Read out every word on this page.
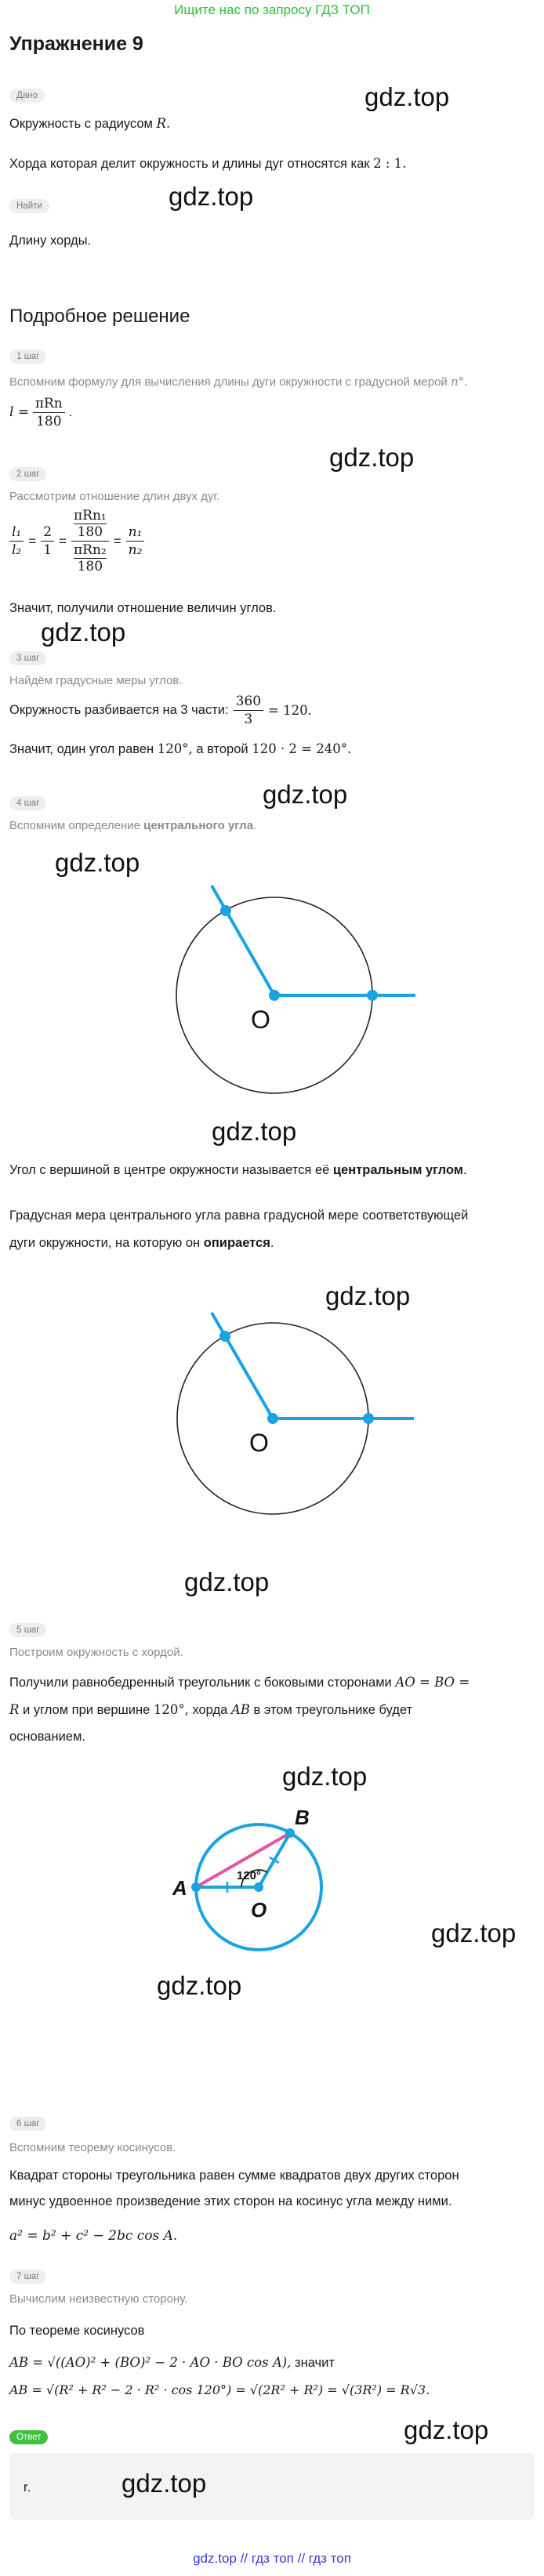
Ищите нас по запросу ГДЗ ТОП
Упражнение 9
Дано	gdz.top
Окружность с радиусом R.
Хорда которая делит окружность и длины дуг относятся как 2 : 1.
Найти	gdz.top
Длину хорды.
Подробное решение
1 шаг
Вспомним формулу для вычисления длины дуги окружности с градусной мерой n°.
$l = \frac{\text{πRn}}{180}$ .
gdz.top
2 шаг
Рассмотрим отношение длин двух дуг.
$\frac{\text{l₁}}{\text{l₂}} = \frac{2}{1} = \pi Rn_1$
180
πRn₂
$180 = \frac{\text{n₁}}{\text{n₂}}$
Значит, получили отношение величин углов.
gdz.top
3 шаг
Найдём градусные меры углов.
Окружность разбивается на 3 части: $\frac{360}{3} = 120$.
Значит, один угол равен 120°, а второй 120 · 2 = 240°.
gdz.top
4 шаг
Вспомним определение центрального угла.
gdz.top
O
gdz.top
Угол с вершиной в центре окружности называется её центральным углом.
Градусная мера центрального угла равна градусной мере соответствующей
дуги окружности, на которую он опирается.
gdz.top
O
gdz.top
5 шаг
Построим окружность с хордой.
Получили равнобедренный треугольник с боковыми сторонами AO = BO =
R и углом при вершине 120°, хорда AB в этом треугольнике будет
основанием.
gdz.top
A
B
O
120°
gdz.top
gdz.top
6 шаг
Вспомним теорему косинусов.
Квадрат стороны треугольника равен сумме квадратов двух других сторон
минус удвоенное произведение этих сторон на косинус угла между ними.
a² = b² + c² − 2bc cos A.
7 шаг
Вычислим неизвестную сторону.
По теореме косинусов
AB = √((AO)² + (BO)² − 2 · AO · BO cos A), значит
AB = √(R² + R² − 2 · R² · cos 120°) = √(2R² + R²) = √(3R²) = R√3.
gdz.top
Ответ
r.	gdz.top
gdz.top // гдз топ // гдз топ
